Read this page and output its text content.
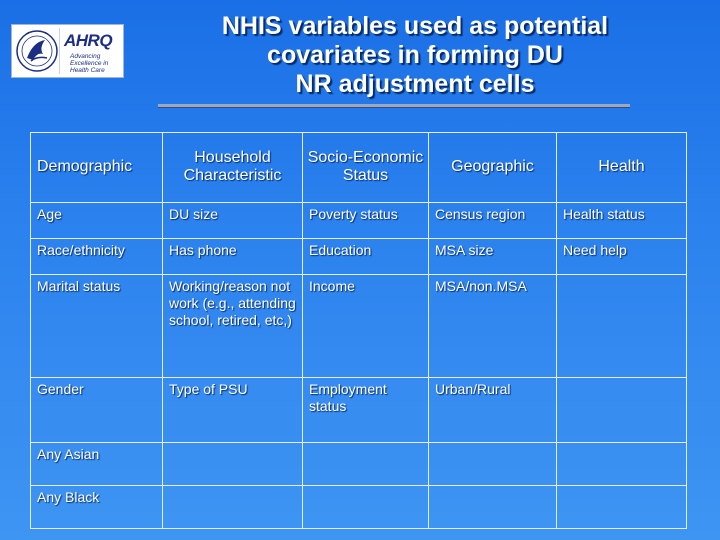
AHRQ
Advancing Excellence in Health Care
NHIS variables used as potential
covariates in forming DU
NR adjustment cells
Demographic	Household Characteristic	Socio-Economic Status	Geographic	Health
Age	DU size	Poverty status	Census region	Health status
Race/ethnicity	Has phone	Education	MSA size	Need help
Marital status	Working/reason not work (e.g., attending school, retired, etc,)	Income	MSA/non.MSA	
Gender	Type of PSU	Employment status	Urban/Rural	
Any Asian				
Any Black				
